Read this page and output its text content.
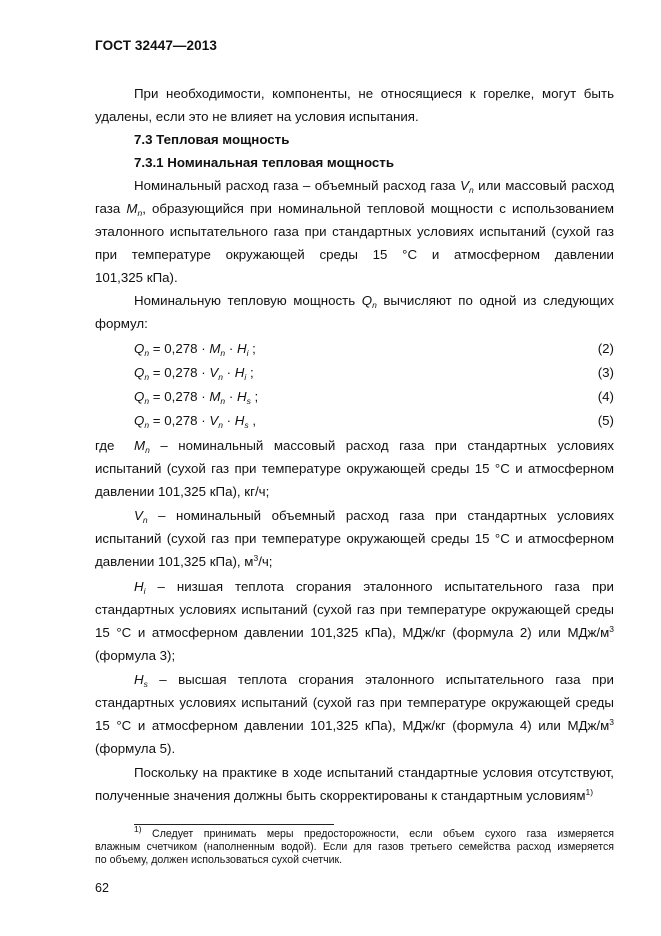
ГОСТ 32447—2013
При необходимости, компоненты, не относящиеся к горелке, могут быть
удалены, если это не влияет на условия испытания.
7.3 Тепловая мощность
7.3.1 Номинальная тепловая мощность
Номинальный расход газа – объемный расход газа $V_n$ или массовый расход
газа $M_n$, образующийся при номинальной тепловой мощности с использованием
эталонного испытательного газа при стандартных условиях испытаний (сухой газ
при температуре окружающей среды 15 °С и атмосферном давлении
101,325 кПа).
Номинальную тепловую мощность $Q_n$ вычисляют по одной из следующих
формул:
$Q_n = 0,278 \cdot M_n \cdot H_i$ ;	(2)
$Q_n = 0,278 \cdot V_n \cdot H_i$ ;	(3)
$Q_n = 0,278 \cdot M_n \cdot H_s$ ;	(4)
$Q_n = 0,278 \cdot V_n \cdot H_s$ ,	(5)
где $M_n$ – номинальный массовый расход газа при стандартных условиях
испытаний (сухой газ при температуре окружающей среды 15 °С и атмосферном
давлении 101,325 кПа), кг/ч;
$V_n$ – номинальный объемный расход газа при стандартных условиях
испытаний (сухой газ при температуре окружающей среды 15 °С и атмосферном
давлении 101,325 кПа), $м^3/ч$;
$H_i$ – низшая теплота сгорания эталонного испытательного газа при
стандартных условиях испытаний (сухой газ при температуре окружающей среды
15 °С и атмосферном давлении 101,325 кПа), МДж/кг (формула 2) или МДж/$м^3$
(формула 3);
$H_s$ – высшая теплота сгорания эталонного испытательного газа при
стандартных условиях испытаний (сухой газ при температуре окружающей среды
15 °С и атмосферном давлении 101,325 кПа), МДж/кг (формула 4) или МДж/$м^3$
(формула 5).
Поскольку на практике в ходе испытаний стандартные условия отсутствуют,
полученные значения должны быть скорректированы к стандартным условиям$^{1)}$
$^{1)}$ Следует принимать меры предосторожности, если объем сухого газа измеряется
влажным счетчиком (наполненным водой). Если для газов третьего семейства расход измеряется
по объему, должен использоваться сухой счетчик.
62
